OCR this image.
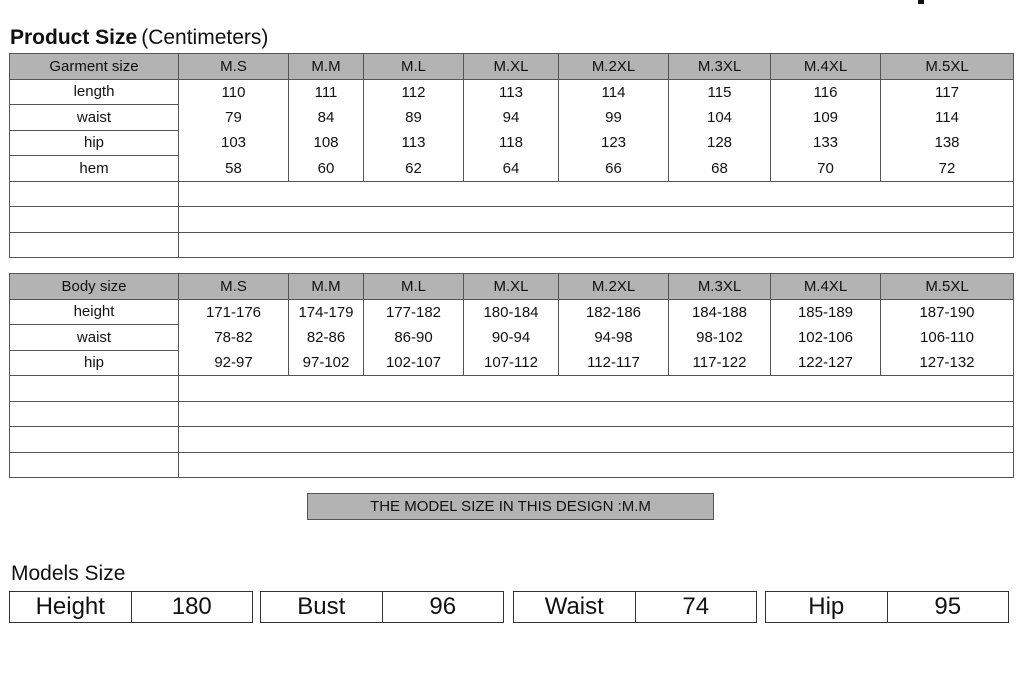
Product Size (Centimeters)
Garment size	M.S	M.M	M.L	M.XL	M.2XL	M.3XL	M.4XL	M.5XL
length	110	111	112	113	114	115	116	117
waist	79	84	89	94	99	104	109	114
hip	103	108	113	118	123	128	133	138
hem	58	60	62	64	66	68	70	72

Body size	M.S	M.M	M.L	M.XL	M.2XL	M.3XL	M.4XL	M.5XL
height	171-176	174-179	177-182	180-184	182-186	184-188	185-189	187-190
waist	78-82	82-86	86-90	90-94	94-98	98-102	102-106	106-110
hip	92-97	97-102	102-107	107-112	112-117	117-122	122-127	127-132

THE MODEL SIZE IN THIS DESIGN :M.M
Models Size
Height	180	Bust	96	Waist	74	Hip	95
